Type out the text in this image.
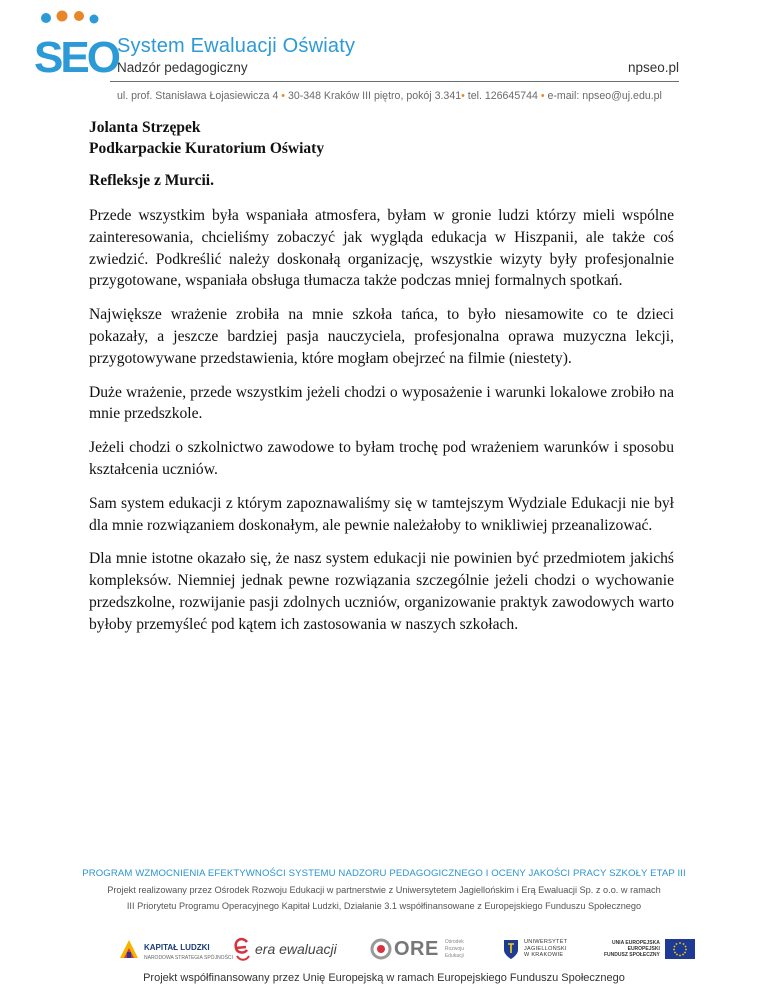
SEO System Ewaluacji Oświaty
Nadzór pedagogiczny	npseo.pl
ul. prof. Stanisława Łojasiewicza 4 • 30-348 Kraków III piętro, pokój 3.341• tel. 126645744 • e-mail: npseo@uj.edu.pl
Jolanta Strzępek
Podkarpackie Kuratorium Oświaty
Refleksje z Murcii.

Przede wszystkim była wspaniała atmosfera, byłam w gronie ludzi którzy mieli wspólne zainteresowania, chcieliśmy zobaczyć jak wygląda edukacja w Hiszpanii, ale także coś zwiedzić. Podkreślić należy doskonałą organizację, wszystkie wizyty były profesjonalnie przygotowane, wspaniała obsługa tłumacza także podczas mniej formalnych spotkań.

Największe wrażenie zrobiła na mnie szkoła tańca, to było niesamowite co te dzieci pokazały, a jeszcze bardziej pasja nauczyciela, profesjonalna oprawa muzyczna lekcji, przygotowywane przedstawienia, które mogłam obejrzeć na filmie (niestety).

Duże wrażenie, przede wszystkim jeżeli chodzi o wyposażenie i warunki lokalowe zrobiło na mnie przedszkole.

Jeżeli chodzi o szkolnictwo zawodowe to byłam trochę pod wrażeniem warunków i sposobu kształcenia uczniów.

Sam system edukacji z którym zapoznawaliśmy się w tamtejszym Wydziale Edukacji nie był dla mnie rozwiązaniem doskonałym, ale pewnie należałoby to wnikliwiej przeanalizować.

Dla mnie istotne okazało się, że nasz system edukacji nie powinien być przedmiotem jakichś kompleksów. Niemniej jednak pewne rozwiązania szczególnie jeżeli chodzi o wychowanie przedszkolne, rozwijanie pasji zdolnych uczniów, organizowanie praktyk zawodowych warto byłoby przemyśleć pod kątem ich zastosowania w naszych szkołach.

PROGRAM WZMOCNIENIA EFEKTYWNOŚCI SYSTEMU NADZORU PEDAGOGICZNEGO I OCENY JAKOŚCI PRACY SZKOŁY ETAP III
Projekt realizowany przez Ośrodek Rozwoju Edukacji w partnerstwie z Uniwersytetem Jagiellońskim i Erą Ewaluacji Sp. z o.o. w ramach
III Priorytetu Programu Operacyjnego Kapitał Ludzki, Działanie 3.1 współfinansowane z Europejskiego Funduszu Społecznego
KAPITAŁ LUDZKI
NARODOWA STRATEGIA SPÓJNOŚCI
era ewaluacji	ORE Ośrodek
Rozwoju
Edukacji
UNIWERSYTET
JAGIELLOŃSKI
W KRAKOWIE
UNIA EUROPEJSKA
EUROPEJSKI
FUNDUSZ SPOŁECZNY
Projekt współfinansowany przez Unię Europejską w ramach Europejskiego Funduszu Społecznego
